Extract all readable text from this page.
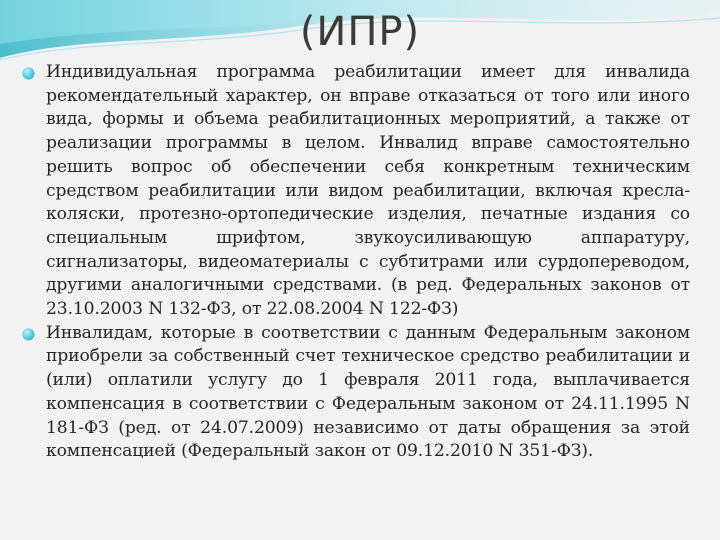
(ИПР)
Индивидуальная программа реабилитации имеет для инвалида рекомендательный характер, он вправе отказаться от того или иного вида, формы и объема реабилитационных мероприятий, а также от реализации программы в целом. Инвалид вправе самостоятельно решить вопрос об обеспечении себя конкретным техническим средством реабилитации или видом реабилитации, включая кресла-коляски, протезно-ортопедические изделия, печатные издания со специальным шрифтом, звукоусиливающую аппаратуру, сигнализаторы, видеоматериалы с субтитрами или сурдопереводом, другими аналогичными средствами. (в ред. Федеральных законов от 23.10.2003 N 132-ФЗ, от 22.08.2004 N 122-ФЗ)
Инвалидам, которые в соответствии с данным Федеральным законом приобрели за собственный счет техническое средство реабилитации и (или) оплатили услугу до 1 февраля 2011 года, выплачивается компенсация в соответствии с Федеральным законом от 24.11.1995 N 181-ФЗ (ред. от 24.07.2009) независимо от даты обращения за этой компенсацией (Федеральный закон от 09.12.2010 N 351-ФЗ).
